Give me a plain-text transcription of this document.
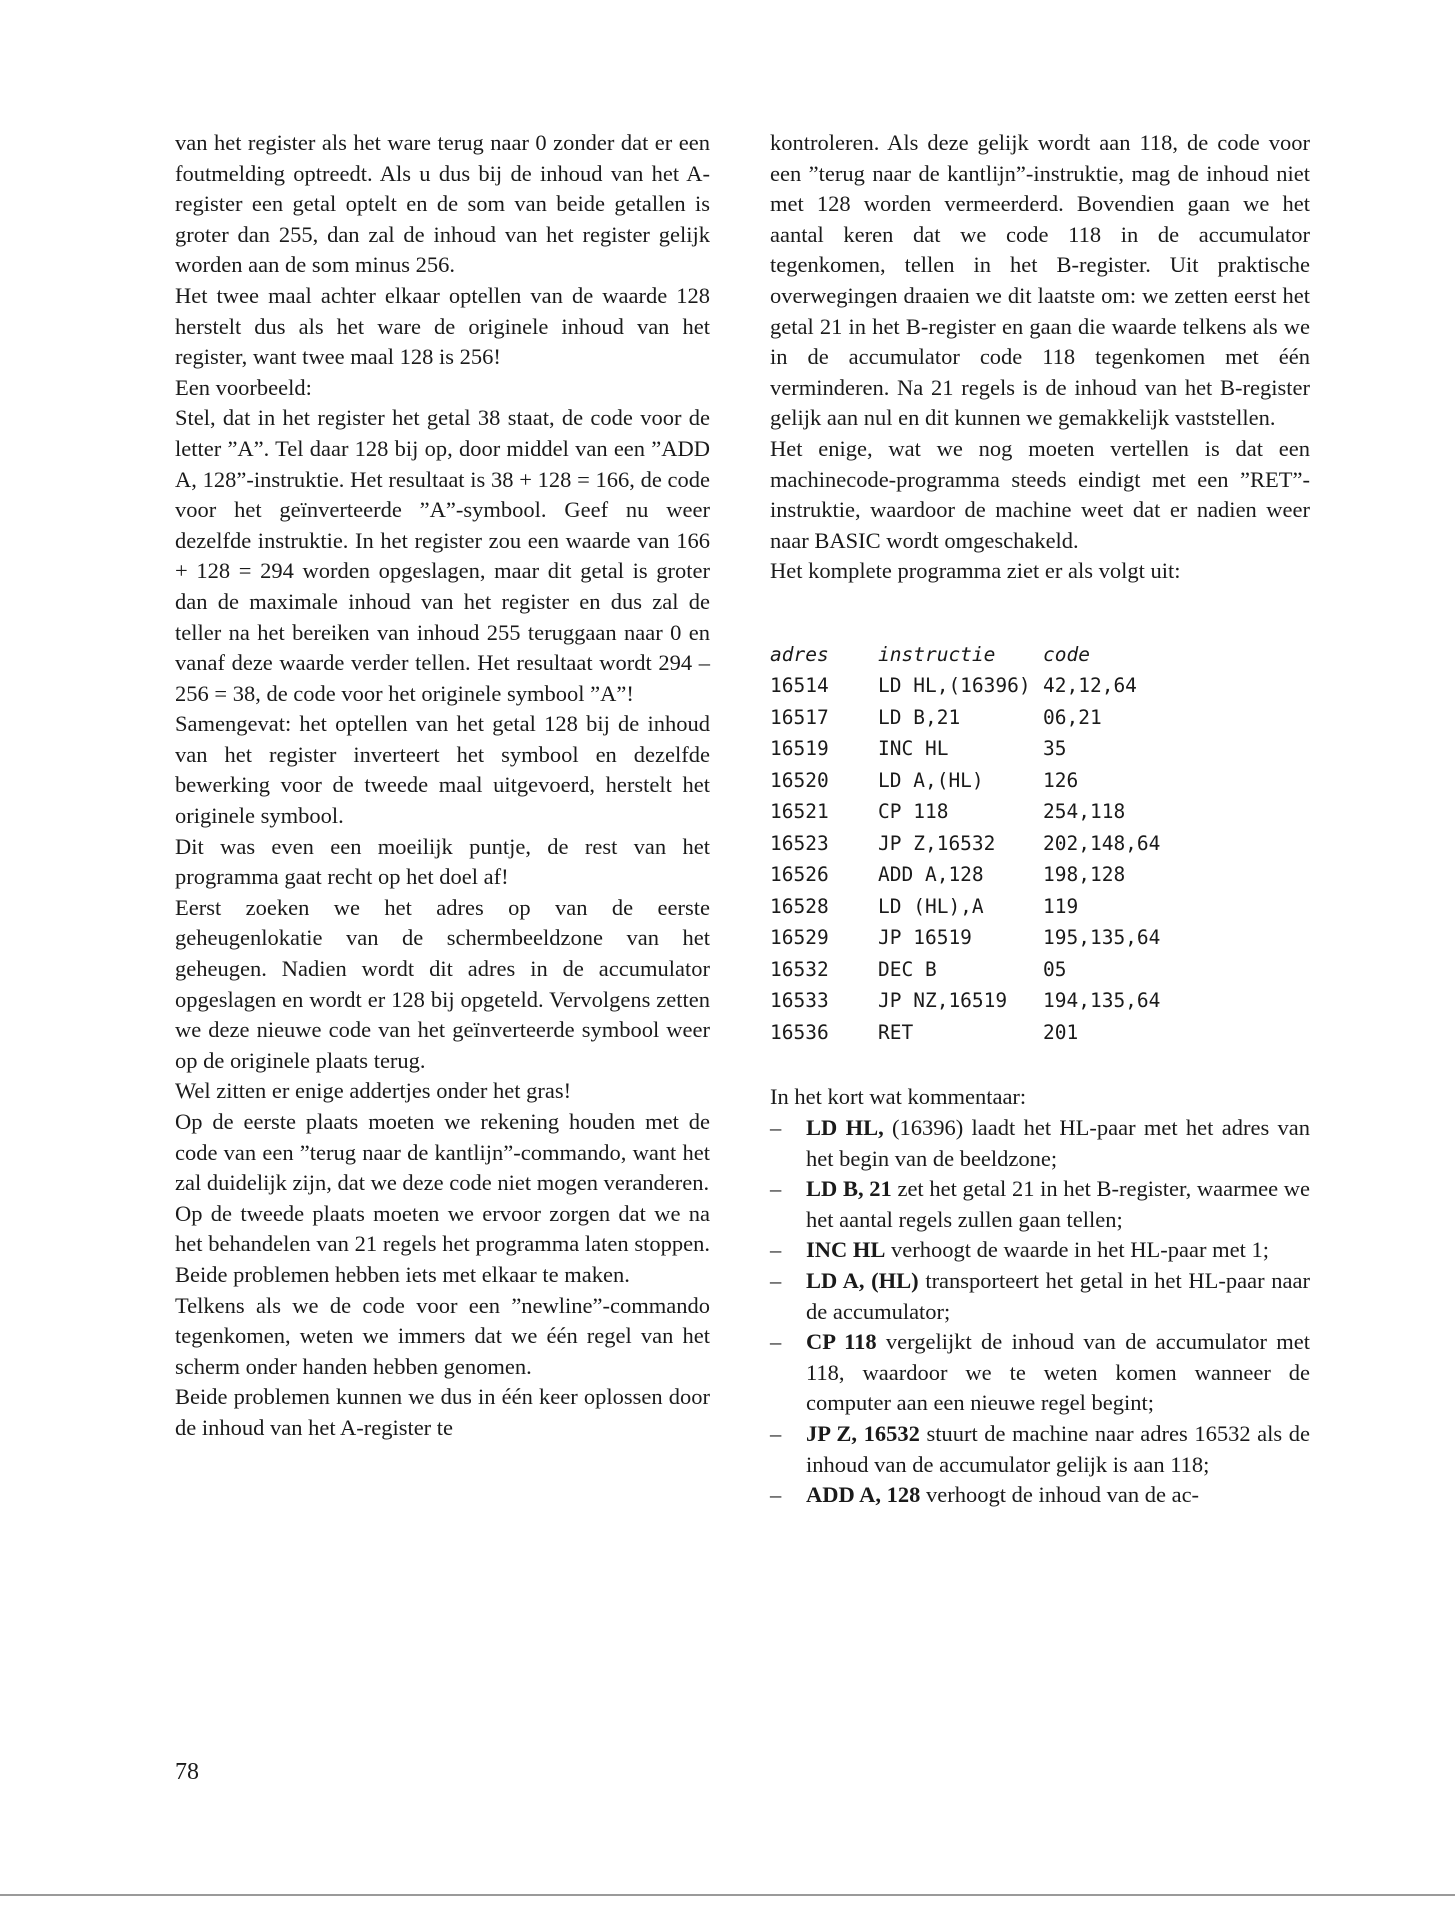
van het register als het ware terug naar 0 zonder dat er een foutmelding optreedt. Als u dus bij de inhoud van het A-register een getal optelt en de som van beide getallen is groter dan 255, dan zal de inhoud van het register gelijk worden aan de som minus 256.

Het twee maal achter elkaar optellen van de waarde 128 herstelt dus als het ware de originele inhoud van het register, want twee maal 128 is 256!

Een voorbeeld:

Stel, dat in het register het getal 38 staat, de code voor de letter ”A”. Tel daar 128 bij op, door middel van een ”ADD A, 128”-instruktie. Het resultaat is 38 + 128 = 166, de code voor het geïnverteerde ”A”-symbool. Geef nu weer dezelfde instruktie. In het register zou een waarde van 166 + 128 = 294 worden opgeslagen, maar dit getal is groter dan de maximale inhoud van het register en dus zal de teller na het bereiken van inhoud 255 teruggaan naar 0 en vanaf deze waarde verder tellen. Het resultaat wordt 294 – 256 = 38, de code voor het originele symbool ”A”!

Samengevat: het optellen van het getal 128 bij de inhoud van het register inverteert het symbool en dezelfde bewerking voor de tweede maal uitgevoerd, herstelt het originele symbool.

Dit was even een moeilijk puntje, de rest van het programma gaat recht op het doel af!

Eerst zoeken we het adres op van de eerste geheugenlokatie van de schermbeeldzone van het geheugen. Nadien wordt dit adres in de accumulator opgeslagen en wordt er 128 bij opgeteld. Vervolgens zetten we deze nieuwe code van het geïnverteerde symbool weer op de originele plaats terug.

Wel zitten er enige addertjes onder het gras!

Op de eerste plaats moeten we rekening houden met de code van een ”terug naar de kantlijn”-commando, want het zal duidelijk zijn, dat we deze code niet mogen veranderen.

Op de tweede plaats moeten we ervoor zorgen dat we na het behandelen van 21 regels het programma laten stoppen. Beide problemen hebben iets met elkaar te maken.

Telkens als we de code voor een ”newline”-commando tegenkomen, weten we immers dat we één regel van het scherm onder handen hebben genomen.

Beide problemen kunnen we dus in één keer oplossen door de inhoud van het A-register te

kontroleren. Als deze gelijk wordt aan 118, de code voor een ”terug naar de kantlijn”-instruktie, mag de inhoud niet met 128 worden vermeerderd. Bovendien gaan we het aantal keren dat we code 118 in de accumulator tegenkomen, tellen in het B-register. Uit praktische overwegingen draaien we dit laatste om: we zetten eerst het getal 21 in het B-register en gaan die waarde telkens als we in de accumulator code 118 tegenkomen met één verminderen. Na 21 regels is de inhoud van het B-register gelijk aan nul en dit kunnen we gemakkelijk vaststellen.

Het enige, wat we nog moeten vertellen is dat een machinecode-programma steeds eindigt met een ”RET”-instruktie, waardoor de machine weet dat er nadien weer naar BASIC wordt omgeschakeld.

Het komplete programma ziet er als volgt uit:

adres	instructie	code
16514	LD HL,(16396)	42,12,64
16517	LD B,21	06,21
16519	INC HL	35
16520	LD A,(HL)	126
16521	CP 118	254,118
16523	JP Z,16532	202,148,64
16526	ADD A,128	198,128
16528	LD (HL),A	119
16529	JP 16519	195,135,64
16532	DEC B	05
16533	JP NZ,16519	194,135,64
16536	RET	201

In het kort wat kommentaar:

– LD HL, (16396) laadt het HL-paar met het adres van het begin van de beeldzone;
– LD B, 21 zet het getal 21 in het B-register, waarmee we het aantal regels zullen gaan tellen;
– INC HL verhoogt de waarde in het HL-paar met 1;
– LD A, (HL) transporteert het getal in het HL-paar naar de accumulator;
– CP 118 vergelijkt de inhoud van de accumulator met 118, waardoor we te weten komen wanneer de computer aan een nieuwe regel begint;
– JP Z, 16532 stuurt de machine naar adres 16532 als de inhoud van de accumulator gelijk is aan 118;
– ADD A, 128 verhoogt de inhoud van de ac-
78
